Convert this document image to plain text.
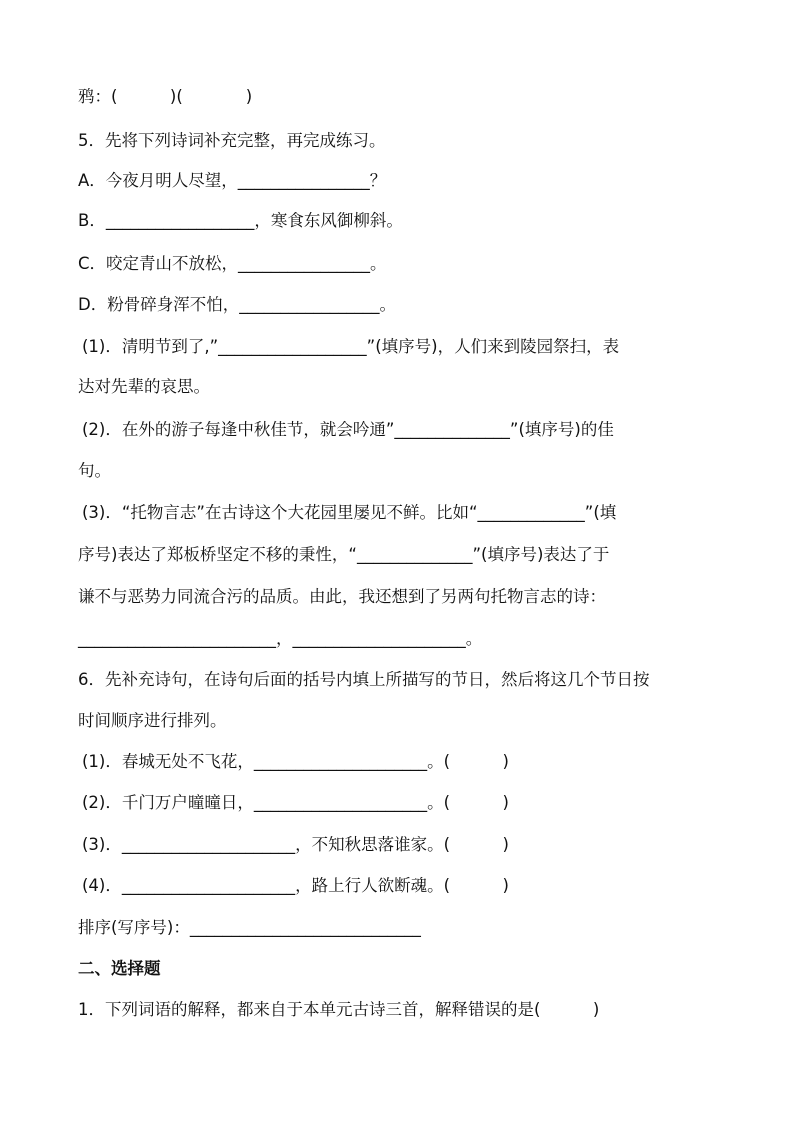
鸦：(          )(            )
5．先将下列诗词补充完整，再完成练习。
A．今夜月明人尽望，________________？
B．__________________，寒食东风御柳斜。
C．咬定青山不放松，________________。
D．粉骨碎身浑不怕，_________________。
(1)．清明节到了,”__________________”(填序号)，人们来到陵园祭扫，表
达对先辈的哀思。
(2)．在外的游子每逢中秋佳节，就会吟通”______________”(填序号)的佳
句。
(3)．“托物言志”在古诗这个大花园里屡见不鲜。比如“_____________”(填
序号)表达了郑板桥坚定不移的秉性，“______________”(填序号)表达了于
谦不与恶势力同流合污的品质。由此，我还想到了另两句托物言志的诗：
________________________，_____________________。
6．先补充诗句，在诗句后面的括号内填上所描写的节日，然后将这几个节日按
时间顺序进行排列。
(1)．春城无处不飞花，_____________________。(          )
(2)．千门万户曈曈日，_____________________。(          )
(3)．_____________________，不知秋思落谁家。(          )
(4)．_____________________，路上行人欲断魂。(          )
排序(写序号)：____________________________
二、选择题
1．下列词语的解释，都来自于本单元古诗三首，解释错误的是(          )
